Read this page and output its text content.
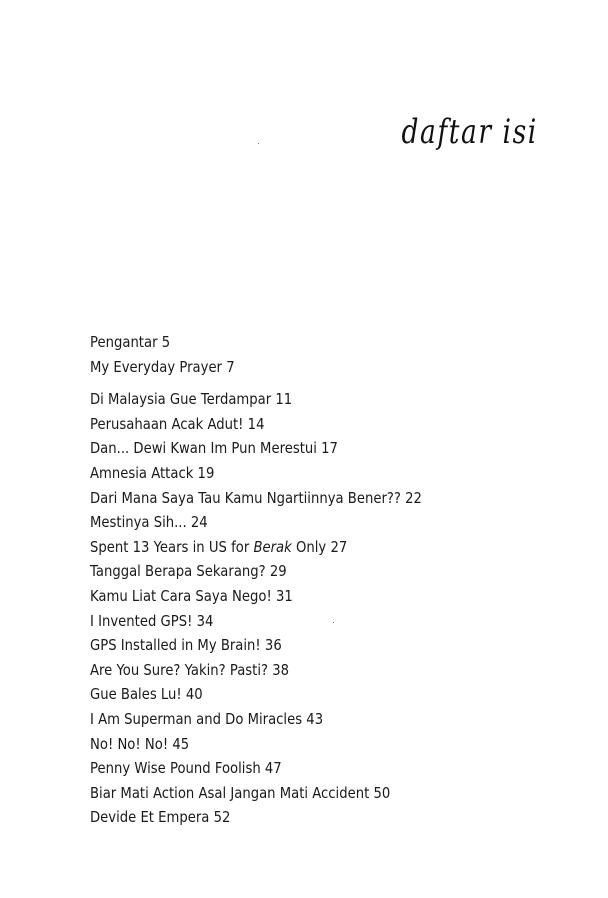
daftar isi
Pengantar 5
My Everyday Prayer 7
Di Malaysia Gue Terdampar 11
Perusahaan Acak Adut! 14
Dan... Dewi Kwan Im Pun Merestui 17
Amnesia Attack 19
Dari Mana Saya Tau Kamu Ngartiinnya Bener?? 22
Mestinya Sih... 24
Spent 13 Years in US for Berak Only 27
Tanggal Berapa Sekarang? 29
Kamu Liat Cara Saya Nego! 31
I Invented GPS! 34
GPS Installed in My Brain! 36
Are You Sure? Yakin? Pasti? 38
Gue Bales Lu! 40
I Am Superman and Do Miracles 43
No! No! No! 45
Penny Wise Pound Foolish 47
Biar Mati Action Asal Jangan Mati Accident 50
Devide Et Empera 52
